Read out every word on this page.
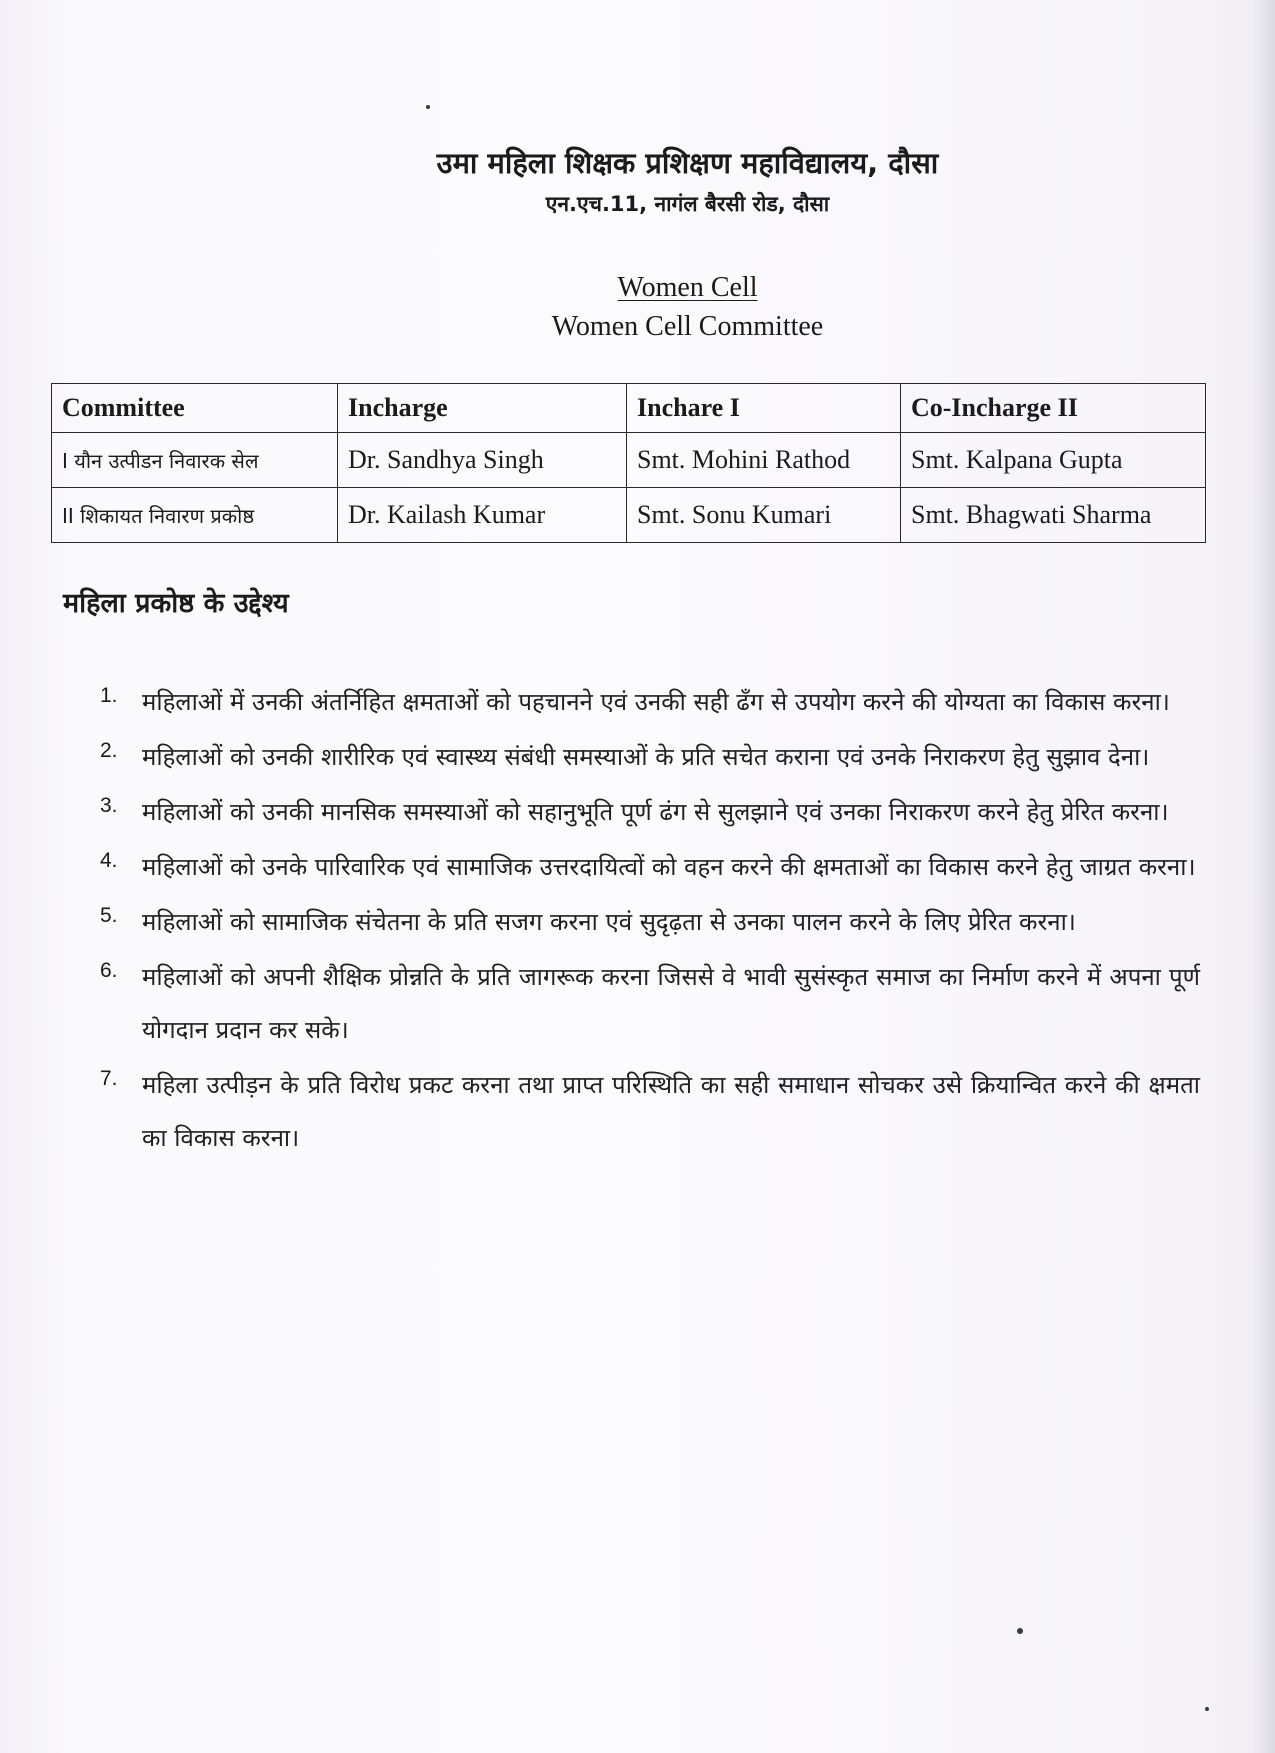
उमा महिला शिक्षक प्रशिक्षण महाविद्यालय, दौसा
एन.एच.11, नागंल बैरसी रोड, दौसा
Women Cell
Women Cell Committee
Committee	Incharge	Inchare I	Co-Incharge II
I यौन उत्पीडन निवारक सेल	Dr. Sandhya Singh	Smt. Mohini Rathod	Smt. Kalpana Gupta
II शिकायत निवारण प्रकोष्ठ	Dr. Kailash Kumar	Smt. Sonu Kumari	Smt. Bhagwati Sharma
महिला प्रकोष्ठ के उद्देश्य
1.	महिलाओं में उनकी अंतर्निहित क्षमताओं को पहचानने एवं उनकी सही ढँग से उपयोग करने की योग्यता का विकास करना।
2.	महिलाओं को उनकी शारीरिक एवं स्वास्थ्य संबंधी समस्याओं के प्रति सचेत कराना एवं उनके निराकरण हेतु सुझाव देना।
3.	महिलाओं को उनकी मानसिक समस्याओं को सहानुभूति पूर्ण ढंग से सुलझाने एवं उनका निराकरण करने हेतु प्रेरित करना।
4.	महिलाओं को उनके पारिवारिक एवं सामाजिक उत्तरदायित्वों को वहन करने की क्षमताओं का विकास करने हेतु जाग्रत करना।
5.	महिलाओं को सामाजिक संचेतना के प्रति सजग करना एवं सुदृढ़ता से उनका पालन करने के लिए प्रेरित करना।
6.	महिलाओं को अपनी शैक्षिक प्रोन्नति के प्रति जागरूक करना जिससे वे भावी सुसंस्कृत समाज का निर्माण करने में अपना पूर्ण योगदान प्रदान कर सके।
7.	महिला उत्पीड़न के प्रति विरोध प्रकट करना तथा प्राप्त परिस्थिति का सही समाधान सोचकर उसे क्रियान्वित करने की क्षमता का विकास करना।
